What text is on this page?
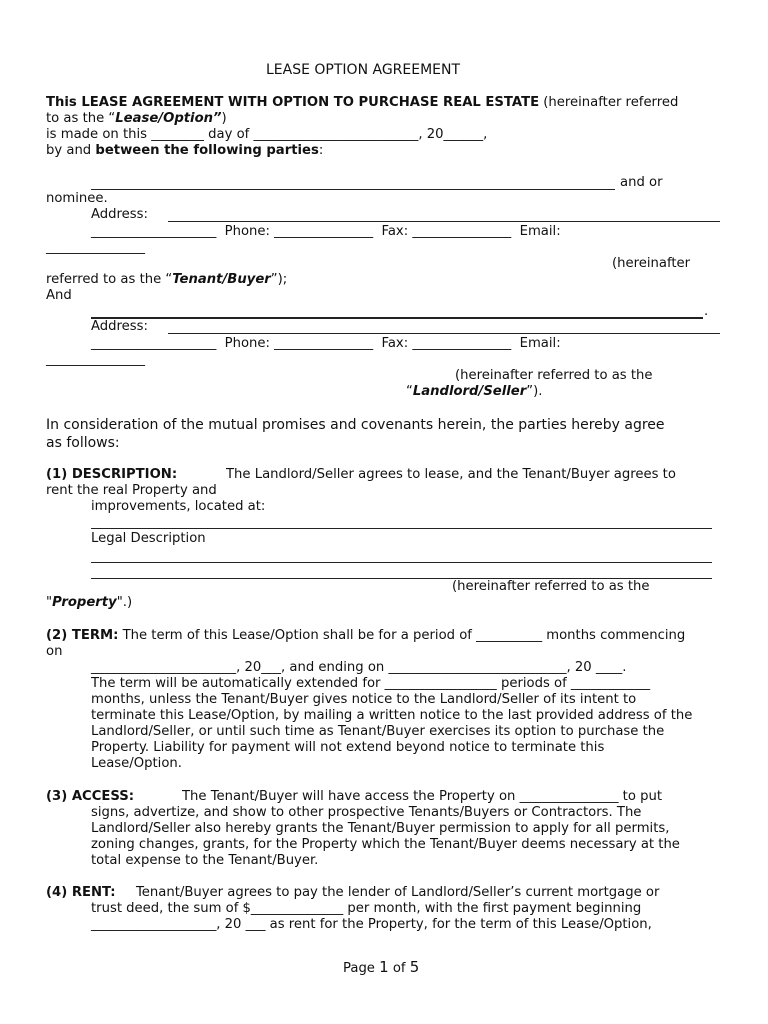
LEASE OPTION AGREEMENT
This LEASE AGREEMENT WITH OPTION TO PURCHASE REAL ESTATE (hereinafter referred
to as the “Lease/Option”)
is made on this ________ day of _________________________, 20______,
by and between the following parties:
and or
nominee.
Address:
___________________  Phone: _______________  Fax: _______________  Email:
_______________
(hereinafter
referred to as the “Tenant/Buyer”);
And
.
Address:
___________________  Phone: _______________  Fax: _______________  Email:
_______________
(hereinafter referred to as the
“Landlord/Seller”).
In consideration of the mutual promises and covenants herein, the parties hereby agree
as follows:
(1) DESCRIPTION:	The Landlord/Seller agrees to lease, and the Tenant/Buyer agrees to
rent the real Property and
improvements, located at:
Legal Description
(hereinafter referred to as the
"Property".)
(2) TERM: The term of this Lease/Option shall be for a period of __________ months commencing
on
______________________, 20___, and ending on ___________________________, 20 ____.
The term will be automatically extended for _________________ periods of ____________
months, unless the Tenant/Buyer gives notice to the Landlord/Seller of its intent to
terminate this Lease/Option, by mailing a written notice to the last provided address of the
Landlord/Seller, or until such time as Tenant/Buyer exercises its option to purchase the
Property. Liability for payment will not extend beyond notice to terminate this
Lease/Option.
(3) ACCESS:	The Tenant/Buyer will have access the Property on _______________ to put
signs, advertize, and show to other prospective Tenants/Buyers or Contractors. The
Landlord/Seller also hereby grants the Tenant/Buyer permission to apply for all permits,
zoning changes, grants, for the Property which the Tenant/Buyer deems necessary at the
total expense to the Tenant/Buyer.
(4) RENT: Tenant/Buyer agrees to pay the lender of Landlord/Seller’s current mortgage or
trust deed, the sum of $______________ per month, with the first payment beginning
___________________, 20 ___ as rent for the Property, for the term of this Lease/Option,
Page 1 of 5
